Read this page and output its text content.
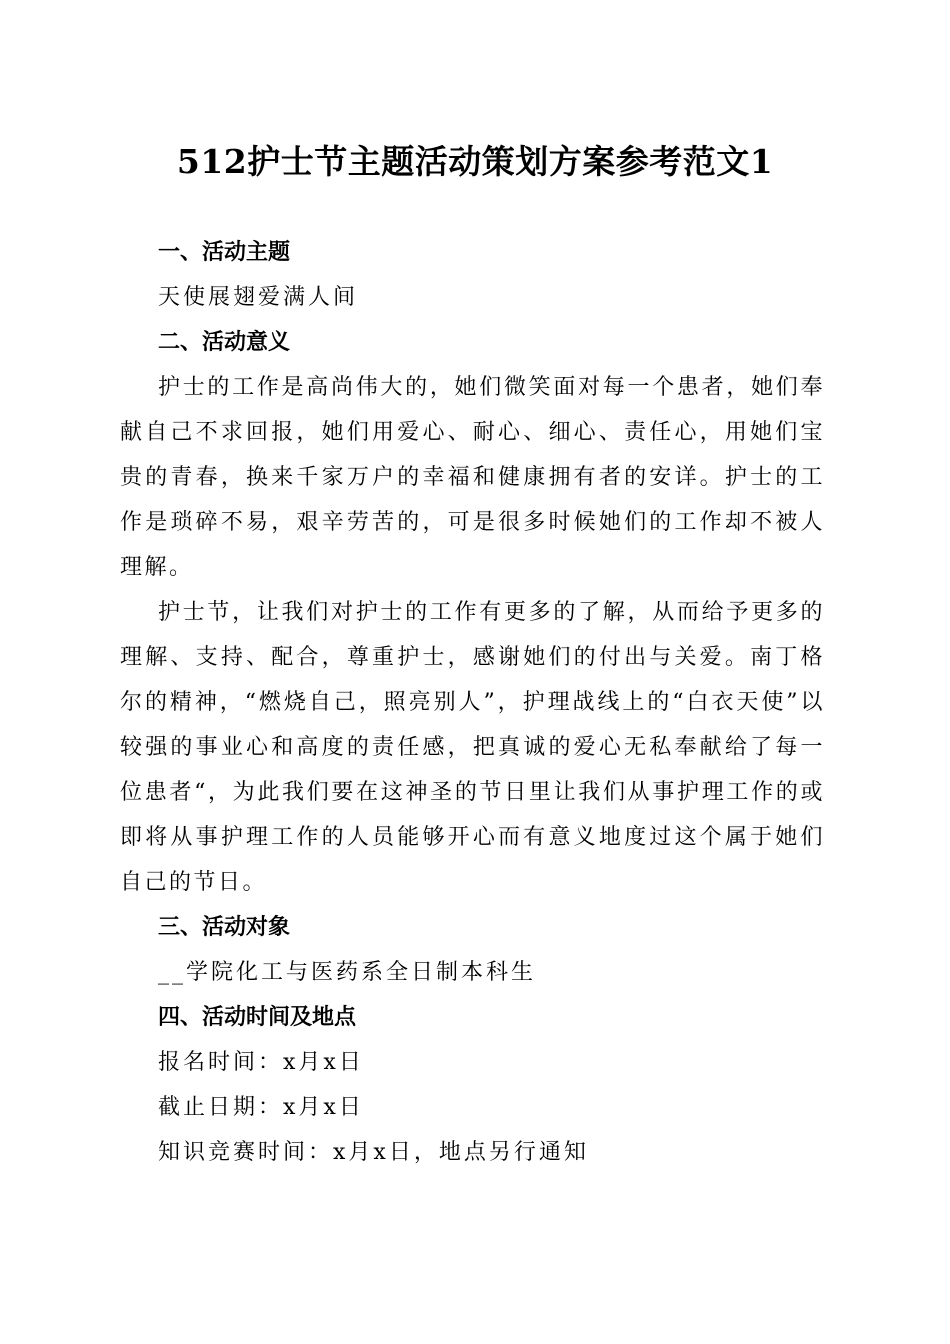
512护士节主题活动策划方案参考范文1
一、活动主题
天使展翅爱满人间
二、活动意义

护士的工作是高尚伟大的，她们微笑面对每一个患者，她们奉献自己不求回报，她们用爱心、耐心、细心、责任心，用她们宝贵的青春，换来千家万户的幸福和健康拥有者的安详。护士的工作是琐碎不易，艰辛劳苦的，可是很多时候她们的工作却不被人理解。

护士节，让我们对护士的工作有更多的了解，从而给予更多的理解、支持、配合，尊重护士，感谢她们的付出与关爱。南丁格尔的精神，“燃烧自己，照亮别人”，护理战线上的“白衣天使”以较强的事业心和高度的责任感，把真诚的爱心无私奉献给了每一位患者“，为此我们要在这神圣的节日里让我们从事护理工作的或即将从事护理工作的人员能够开心而有意义地度过这个属于她们自己的节日。

三、活动对象
__学院化工与医药系全日制本科生
四、活动时间及地点
报名时间：x月x日
截止日期：x月x日
知识竞赛时间：x月x日，地点另行通知
